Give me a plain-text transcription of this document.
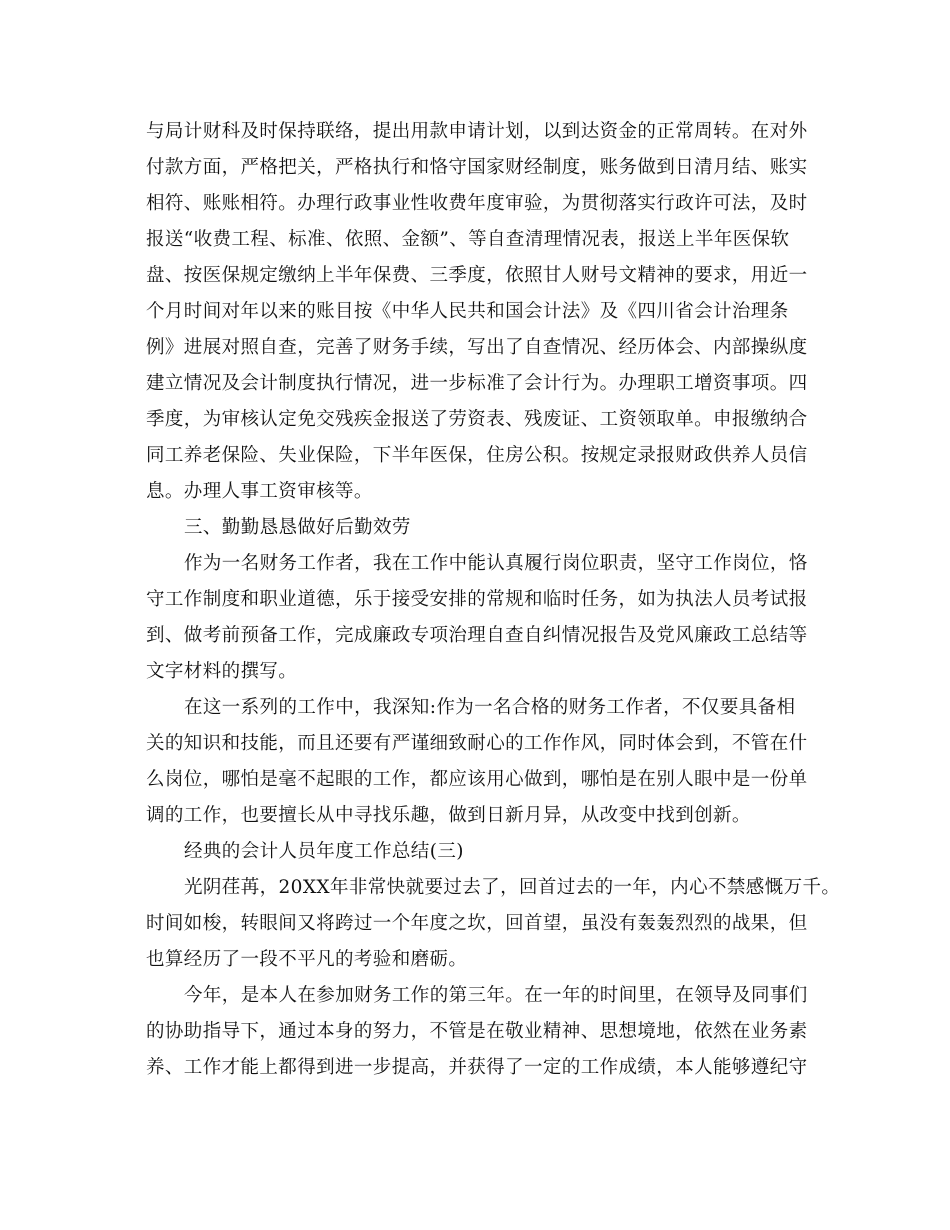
与局计财科及时保持联络，提出用款申请计划，以到达资金的正常周转。在对外

付款方面，严格把关，严格执行和恪守国家财经制度，账务做到日清月结、账实

相符、账账相符。办理行政事业性收费年度审验，为贯彻落实行政许可法，及时

报送“收费工程、标准、依照、金额”、等自查清理情况表，报送上半年医保软

盘、按医保规定缴纳上半年保费、三季度，依照甘人财号文精神的要求，用近一

个月时间对年以来的账目按《中华人民共和国会计法》及《四川省会计治理条

例》进展对照自查，完善了财务手续，写出了自查情况、经历体会、内部操纵度

建立情况及会计制度执行情况，进一步标准了会计行为。办理职工增资事项。四

季度，为审核认定免交残疾金报送了劳资表、残废证、工资领取单。申报缴纳合

同工养老保险、失业保险，下半年医保，住房公积。按规定录报财政供养人员信

息。办理人事工资审核等。

三、勤勤恳恳做好后勤效劳

作为一名财务工作者，我在工作中能认真履行岗位职责，坚守工作岗位，恪

守工作制度和职业道德，乐于接受安排的常规和临时任务，如为执法人员考试报

到、做考前预备工作，完成廉政专项治理自查自纠情况报告及党风廉政工总结等

文字材料的撰写。

在这一系列的工作中，我深知:作为一名合格的财务工作者，不仅要具备相

关的知识和技能，而且还要有严谨细致耐心的工作作风，同时体会到，不管在什

么岗位，哪怕是毫不起眼的工作，都应该用心做到，哪怕是在别人眼中是一份单

调的工作，也要擅长从中寻找乐趣，做到日新月异，从改变中找到创新。

经典的会计人员年度工作总结(三)

光阴荏苒，20XX年非常快就要过去了，回首过去的一年，内心不禁感慨万千。

时间如梭，转眼间又将跨过一个年度之坎，回首望，虽没有轰轰烈烈的战果，但

也算经历了一段不平凡的考验和磨砺。

今年，是本人在参加财务工作的第三年。在一年的时间里，在领导及同事们

的协助指导下，通过本身的努力，不管是在敬业精神、思想境地，依然在业务素

养、工作才能上都得到进一步提高，并获得了一定的工作成绩，本人能够遵纪守
